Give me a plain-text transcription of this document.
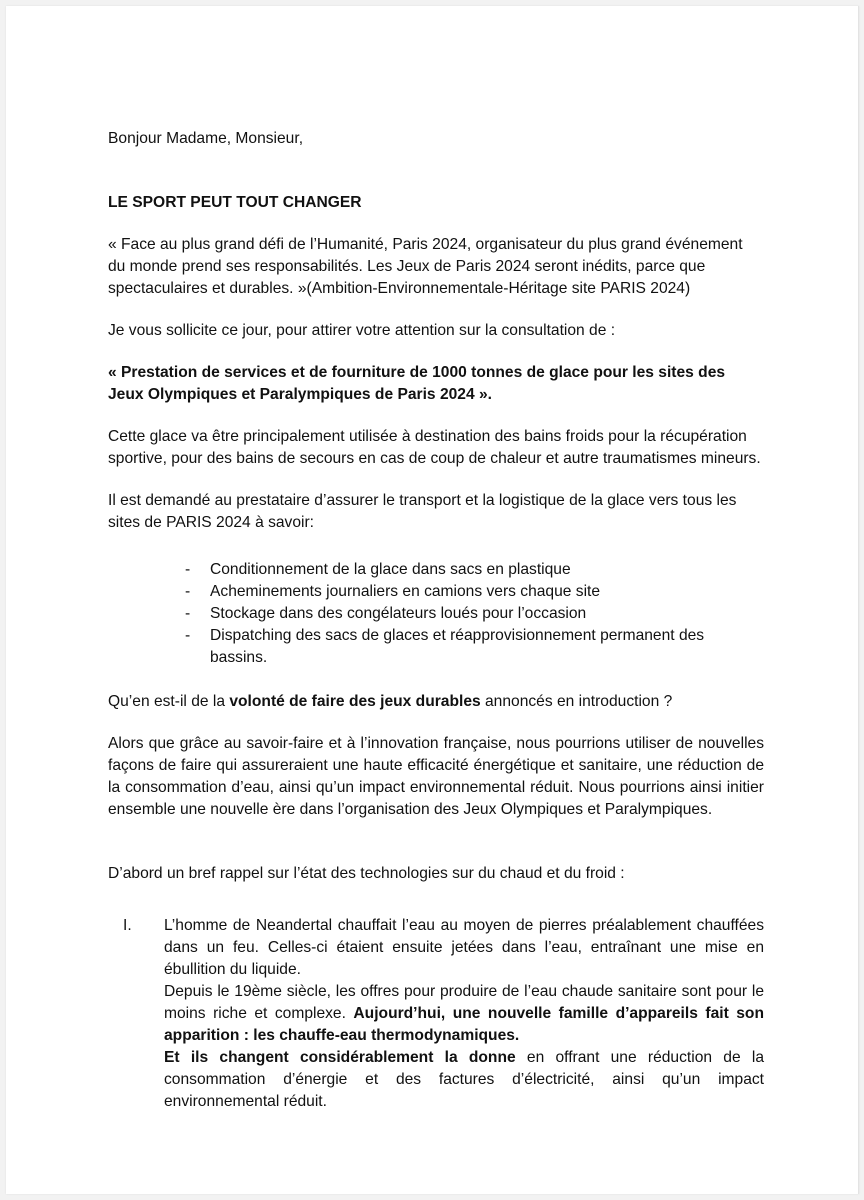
Bonjour Madame, Monsieur,

LE SPORT PEUT TOUT CHANGER

« Face au plus grand défi de l’Humanité, Paris 2024, organisateur du plus grand événement du monde prend ses responsabilités. Les Jeux de Paris 2024 seront inédits, parce que spectaculaires et durables. »(Ambition-Environnementale-Héritage site PARIS 2024)

Je vous sollicite ce jour, pour attirer votre attention sur la consultation de :

« Prestation de services et de fourniture de 1000 tonnes de glace pour les sites des Jeux Olympiques et Paralympiques de Paris 2024 ».

Cette glace va être principalement utilisée à destination des bains froids pour la récupération sportive, pour des bains de secours en cas de coup de chaleur et autre traumatismes mineurs.

Il est demandé au prestataire d’assurer le transport et la logistique de la glace vers tous les sites de PARIS 2024 à savoir:

- Conditionnement de la glace dans sacs en plastique
- Acheminements journaliers en camions vers chaque site
- Stockage dans des congélateurs loués pour l’occasion
- Dispatching des sacs de glaces et réapprovisionnement permanent des bassins.

Qu’en est-il de la volonté de faire des jeux durables annoncés en introduction ?

Alors que grâce au savoir-faire et à l’innovation française, nous pourrions utiliser de nouvelles façons de faire qui assureraient une haute efficacité énergétique et sanitaire, une réduction de la consommation d’eau, ainsi qu’un impact environnemental réduit. Nous pourrions ainsi initier ensemble une nouvelle ère dans l’organisation des Jeux Olympiques et Paralympiques.

D’abord un bref rappel sur l’état des technologies sur du chaud et du froid :

I.	L’homme de Neandertal chauffait l’eau au moyen de pierres préalablement chauffées dans un feu. Celles-ci étaient ensuite jetées dans l’eau, entraînant une mise en ébullition du liquide.

Depuis le 19ème siècle, les offres pour produire de l’eau chaude sanitaire sont pour le moins riche et complexe. Aujourd’hui, une nouvelle famille d’appareils fait son apparition : les chauffe-eau thermodynamiques.

Et ils changent considérablement la donne en offrant une réduction de la consommation d’énergie et des factures d’électricité, ainsi qu’un impact environnemental réduit.
